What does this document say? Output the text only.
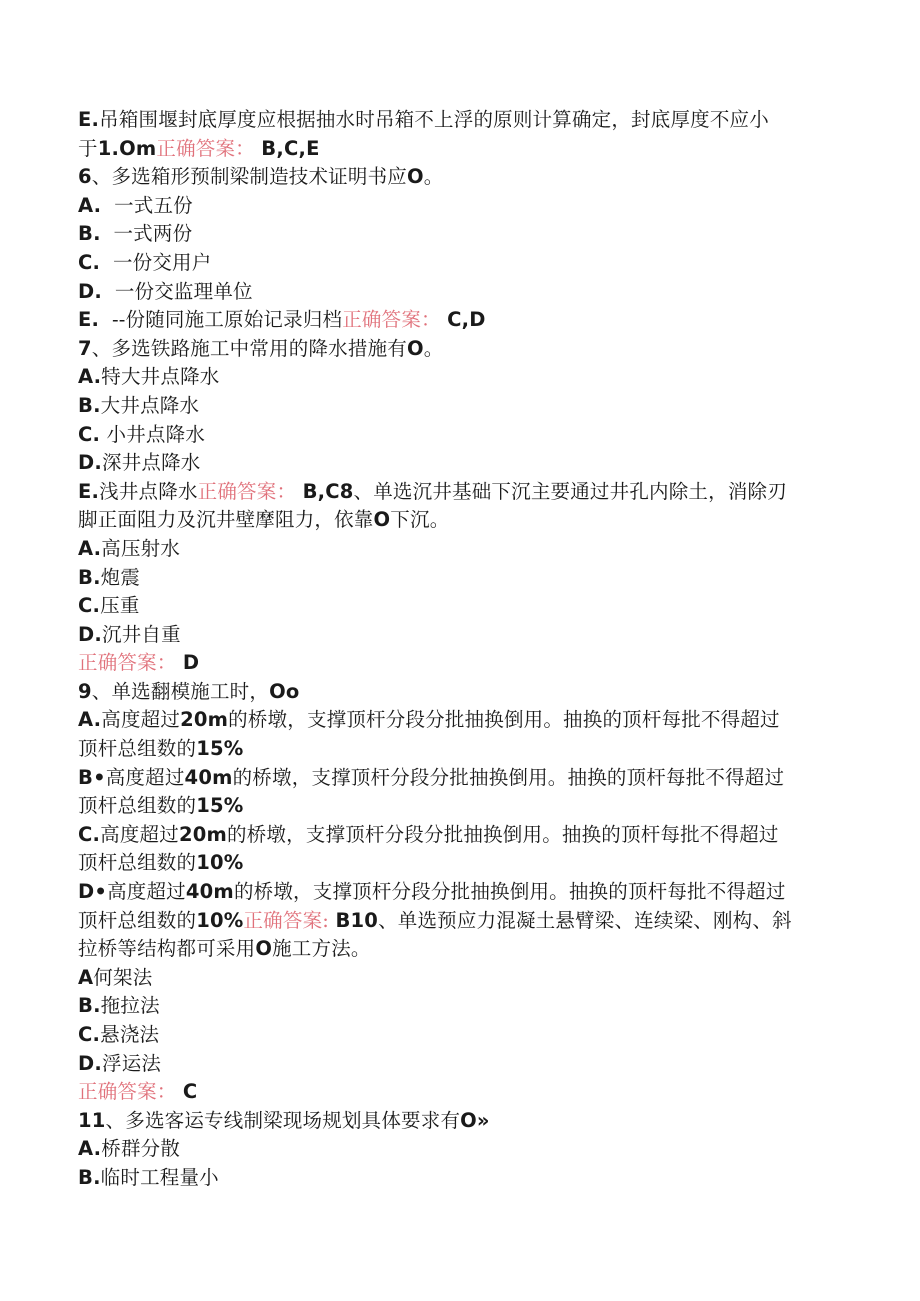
E.吊箱围堰封底厚度应根据抽水时吊箱不上浮的原则计算确定，封底厚度不应小
于1.Om正确答案： B,C,E
6、多选箱形预制梁制造技术证明书应O。
A. 一式五份
B. 一式两份
C. 一份交用户
D. 一份交监理单位
E. --份随同施工原始记录归档正确答案： C,D
7、多选铁路施工中常用的降水措施有O。
A.特大井点降水
B.大井点降水
C. 小井点降水
D.深井点降水
E.浅井点降水正确答案： B,C8、单选沉井基础下沉主要通过井孔内除土，消除刃
脚正面阻力及沉井壁摩阻力，依靠O下沉。
A.高压射水
B.炮震
C.压重
D.沉井自重
正确答案： D
9、单选翻模施工时，Oo
A.高度超过20m的桥墩，支撑顶杆分段分批抽换倒用。抽换的顶杆每批不得超过
顶杆总组数的15%
B•高度超过40m的桥墩，支撑顶杆分段分批抽换倒用。抽换的顶杆每批不得超过
顶杆总组数的15%
C.高度超过20m的桥墩，支撑顶杆分段分批抽换倒用。抽换的顶杆每批不得超过
顶杆总组数的10%
D•高度超过40m的桥墩，支撑顶杆分段分批抽换倒用。抽换的顶杆每批不得超过
顶杆总组数的10%正确答案: B10、单选预应力混凝土悬臂梁、连续梁、刚构、斜
拉桥等结构都可采用O施工方法。
A何架法
B.拖拉法
C.悬浇法
D.浮运法
正确答案： C
11、多选客运专线制梁现场规划具体要求有O»
A.桥群分散
B.临时工程量小
